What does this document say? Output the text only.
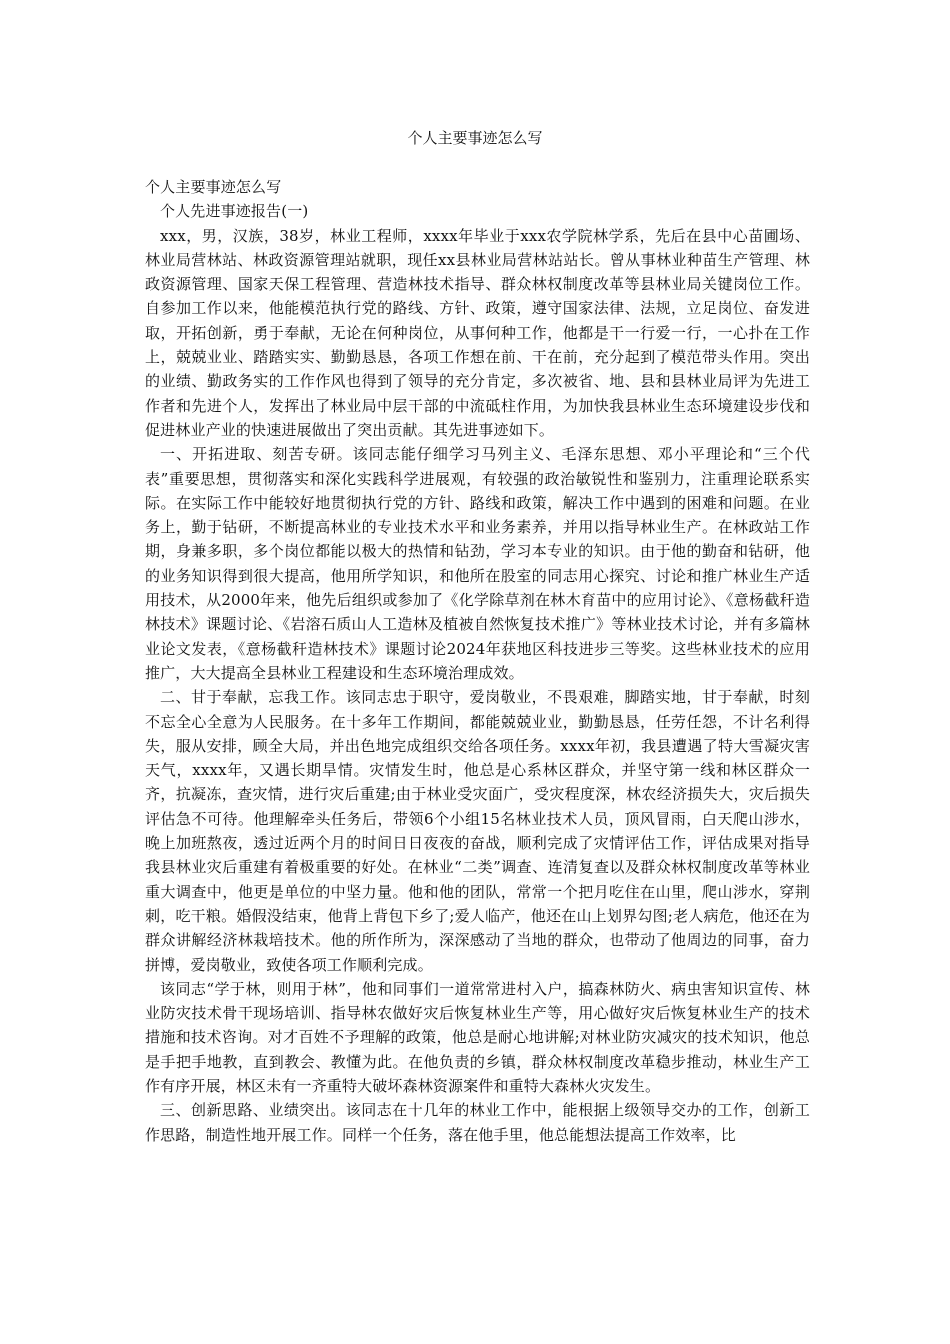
个人主要事迹怎么写

个人主要事迹怎么写

个人先进事迹报告(一)

xxx，男，汉族，38岁，林业工程师，xxxx年毕业于xxx农学院林学系，先后在县中心苗圃场、林业局营林站、林政资源管理站就职，现任xx县林业局营林站站长。曾从事林业种苗生产管理、林政资源管理、国家天保工程管理、营造林技术指导、群众林权制度改革等县林业局关键岗位工作。自参加工作以来，他能模范执行党的路线、方针、政策，遵守国家法律、法规，立足岗位、奋发进取，开拓创新，勇于奉献，无论在何种岗位，从事何种工作，他都是干一行爱一行，一心扑在工作上，兢兢业业、踏踏实实、勤勤恳恳，各项工作想在前、干在前，充分起到了模范带头作用。突出的业绩、勤政务实的工作作风也得到了领导的充分肯定，多次被省、地、县和县林业局评为先进工作者和先进个人，发挥出了林业局中层干部的中流砥柱作用，为加快我县林业生态环境建设步伐和促进林业产业的快速进展做出了突出贡献。其先进事迹如下。

一、开拓进取、刻苦专研。该同志能仔细学习马列主义、毛泽东思想、邓小平理论和“三个代表”重要思想，贯彻落实和深化实践科学进展观，有较强的政治敏锐性和鉴别力，注重理论联系实际。在实际工作中能较好地贯彻执行党的方针、路线和政策，解决工作中遇到的困难和问题。在业务上，勤于钻研，不断提高林业的专业技术水平和业务素养，并用以指导林业生产。在林政站工作期，身兼多职，多个岗位都能以极大的热情和钻劲，学习本专业的知识。由于他的勤奋和钻研，他的业务知识得到很大提高，他用所学知识，和他所在股室的同志用心探究、讨论和推广林业生产适用技术，从2000年来，他先后组织或参加了《化学除草剂在林木育苗中的应用讨论》、《意杨截秆造林技术》课题讨论、《岩溶石质山人工造林及植被自然恢复技术推广》等林业技术讨论，并有多篇林业论文发表，《意杨截秆造林技术》课题讨论2024年获地区科技进步三等奖。这些林业技术的应用推广，大大提高全县林业工程建设和生态环境治理成效。

二、甘于奉献，忘我工作。该同志忠于职守，爱岗敬业，不畏艰难，脚踏实地，甘于奉献，时刻不忘全心全意为人民服务。在十多年工作期间，都能兢兢业业，勤勤恳恳，任劳任怨，不计名利得失，服从安排，顾全大局，并出色地完成组织交给各项任务。xxxx年初，我县遭遇了特大雪凝灾害天气，xxxx年，又遇长期旱情。灾情发生时，他总是心系林区群众，并坚守第一线和林区群众一齐，抗凝冻，查灾情，进行灾后重建;由于林业受灾面广，受灾程度深，林农经济损失大，灾后损失评估急不可待。他理解牵头任务后，带领6个小组15名林业技术人员，顶风冒雨，白天爬山涉水，晚上加班熬夜，透过近两个月的时间日日夜夜的奋战，顺利完成了灾情评估工作，评估成果对指导我县林业灾后重建有着极重要的好处。在林业“二类”调查、连清复查以及群众林权制度改革等林业重大调查中，他更是单位的中坚力量。他和他的团队，常常一个把月吃住在山里，爬山涉水，穿荆刺，吃干粮。婚假没结束，他背上背包下乡了;爱人临产，他还在山上划界勾图;老人病危，他还在为群众讲解经济林栽培技术。他的所作所为，深深感动了当地的群众，也带动了他周边的同事，奋力拼博，爱岗敬业，致使各项工作顺利完成。

该同志“学于林，则用于林”，他和同事们一道常常进村入户，搞森林防火、病虫害知识宣传、林业防灾技术骨干现场培训、指导林农做好灾后恢复林业生产等，用心做好灾后恢复林业生产的技术措施和技术咨询。对才百姓不予理解的政策，他总是耐心地讲解;对林业防灾减灾的技术知识，他总是手把手地教，直到教会、教懂为此。在他负责的乡镇，群众林权制度改革稳步推动，林业生产工作有序开展，林区未有一齐重特大破坏森林资源案件和重特大森林火灾发生。

三、创新思路、业绩突出。该同志在十几年的林业工作中，能根据上级领导交办的工作，创新工作思路，制造性地开展工作。同样一个任务，落在他手里，他总能想法提高工作效率，比
